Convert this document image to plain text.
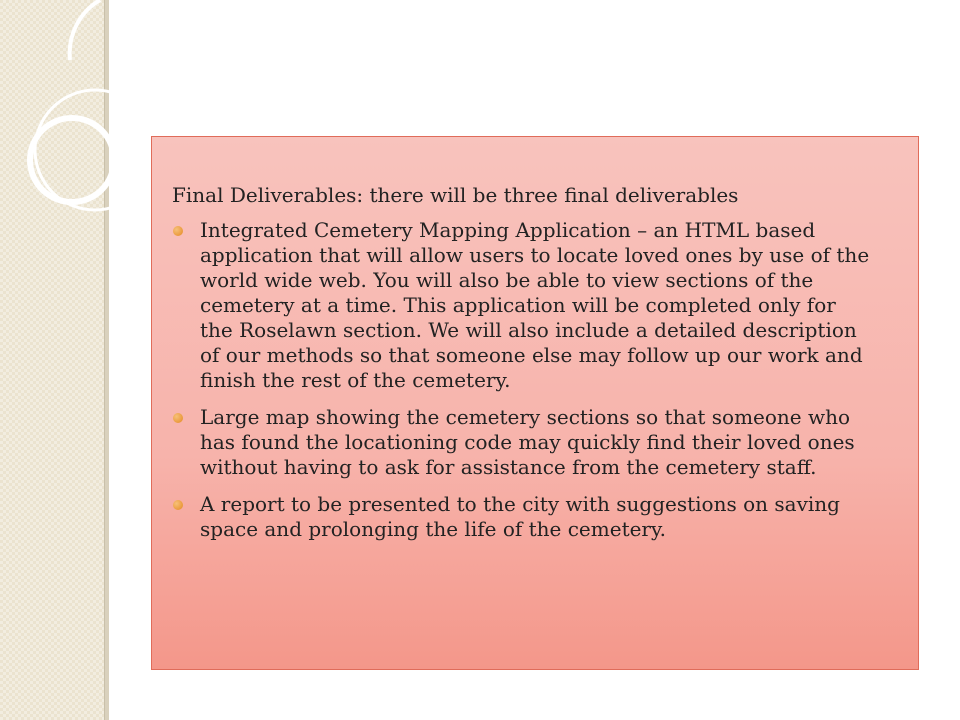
Final Deliverables: there will be three final deliverables
Integrated Cemetery Mapping Application – an HTML based application that will allow users to locate loved ones by use of the world wide web. You will also be able to view sections of the cemetery at a time. This application will be completed only for the Roselawn section. We will also include a detailed description of our methods so that someone else may follow up our work and finish the rest of the cemetery.
Large map showing the cemetery sections so that someone who has found the locationing code may quickly find their loved ones without having to ask for assistance from the cemetery staff.
A report to be presented to the city with suggestions on saving space and prolonging the life of the cemetery.
